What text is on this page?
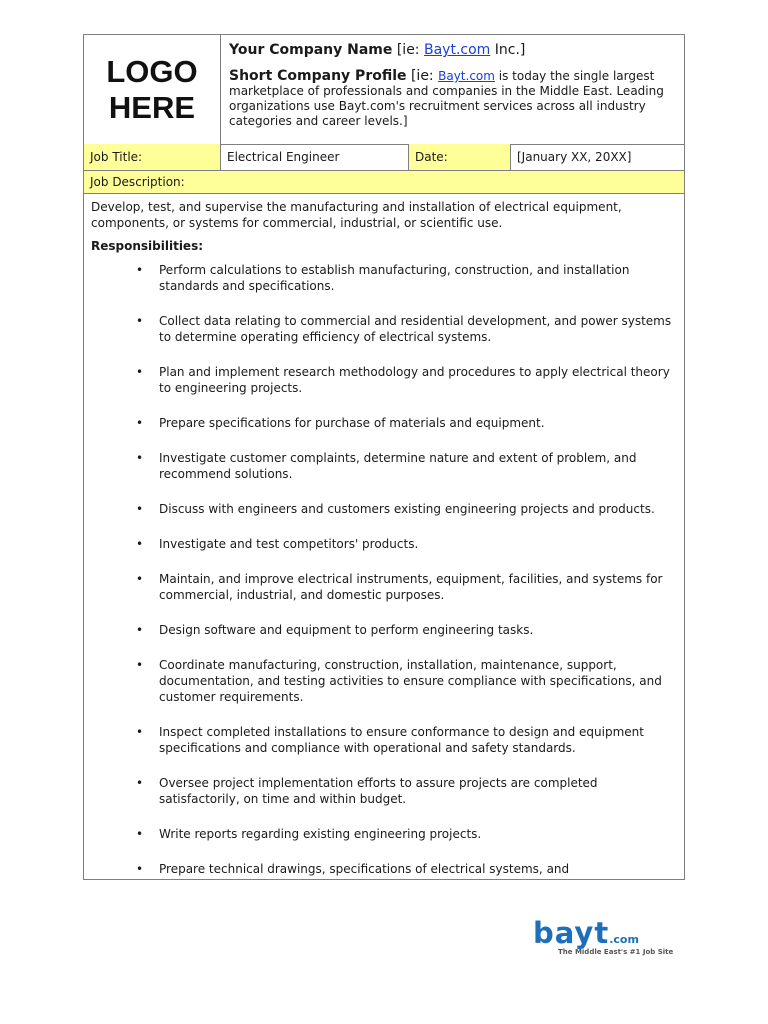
LOGO
HERE
Your Company Name [ie: Bayt.com Inc.]
Short Company Profile [ie: Bayt.com is today the single largest marketplace of professionals and companies in the Middle East. Leading organizations use Bayt.com's recruitment services across all industry categories and career levels.]
Job Title:	Electrical Engineer	Date:	[January XX, 20XX]
Job Description:

Develop, test, and supervise the manufacturing and installation of electrical equipment, components, or systems for commercial, industrial, or scientific use.

Responsibilities:

• Perform calculations to establish manufacturing, construction, and installation standards and specifications.
• Collect data relating to commercial and residential development, and power systems to determine operating efficiency of electrical systems.
• Plan and implement research methodology and procedures to apply electrical theory to engineering projects.
• Prepare specifications for purchase of materials and equipment.
• Investigate customer complaints, determine nature and extent of problem, and recommend solutions.
• Discuss with engineers and customers existing engineering projects and products.
• Investigate and test competitors' products.
• Maintain, and improve electrical instruments, equipment, facilities, and systems for commercial, industrial, and domestic purposes.
• Design software and equipment to perform engineering tasks.
• Coordinate manufacturing, construction, installation, maintenance, support, documentation, and testing activities to ensure compliance with specifications, and customer requirements.
• Inspect completed installations to ensure conformance to design and equipment specifications and compliance with operational and safety standards.
• Oversee project implementation efforts to assure projects are completed satisfactorily, on time and within budget.
• Write reports regarding existing engineering projects.
• Prepare technical drawings, specifications of electrical systems, and
bayt.com
The Middle East's #1 Job Site
